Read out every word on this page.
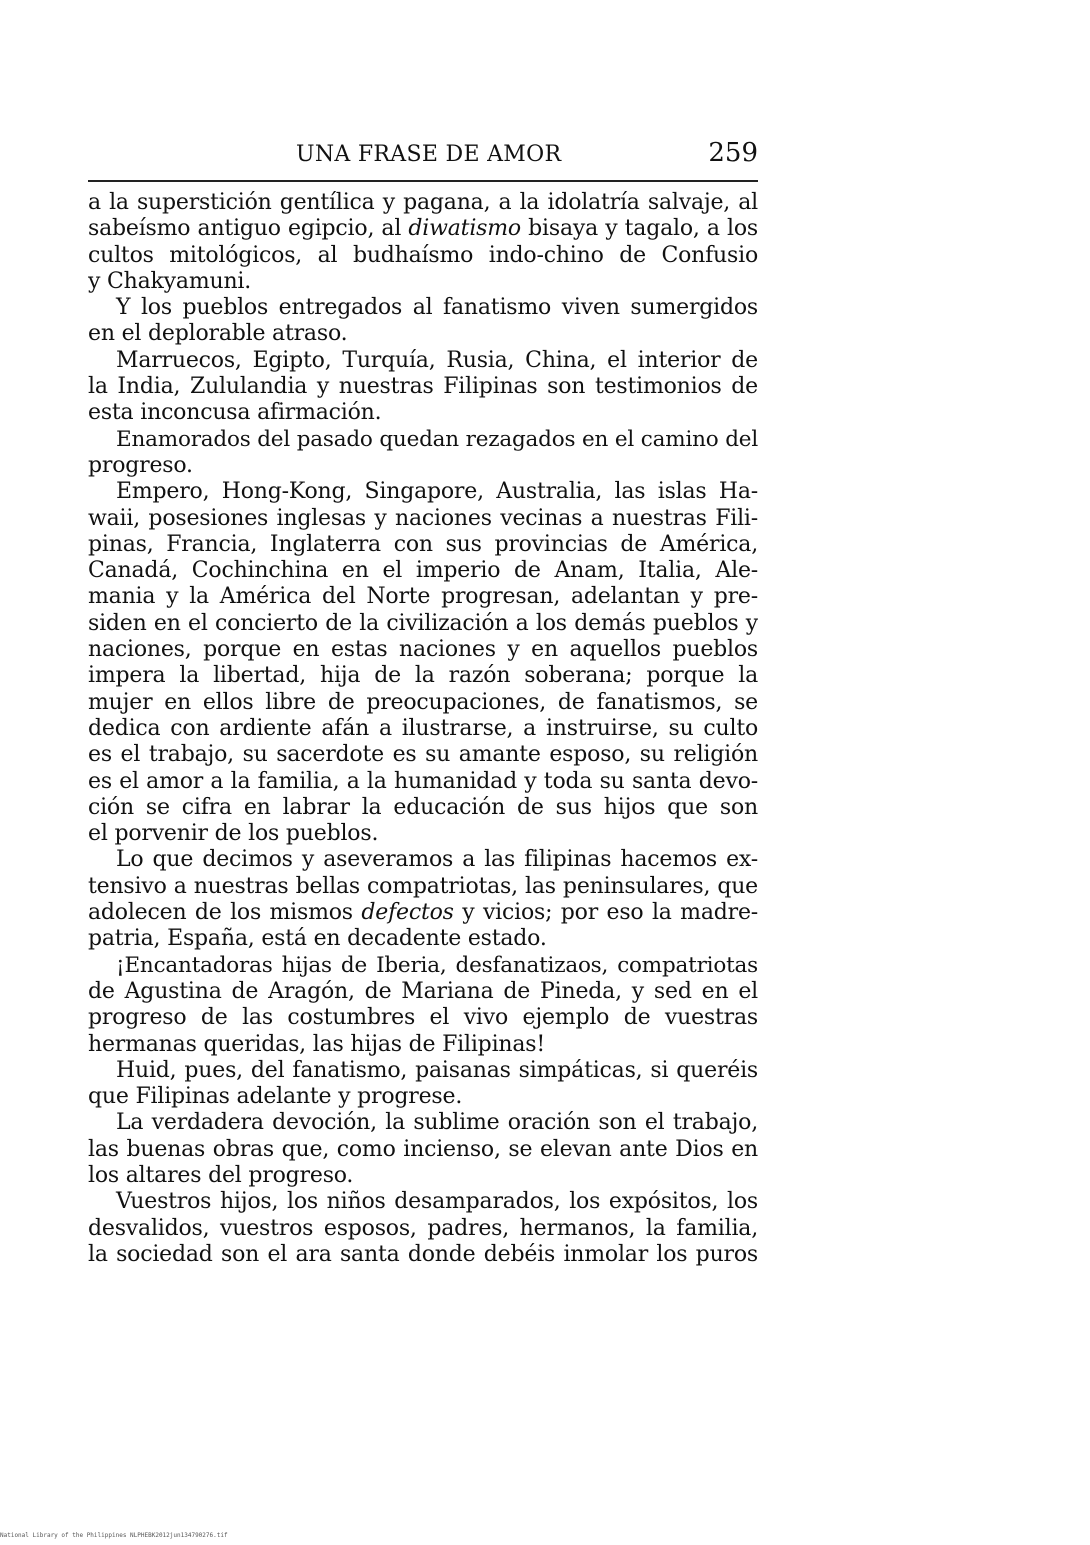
UNA FRASE DE AMOR	259
a la superstición gentílica y pagana, a la idolatría salvaje, al
sabeísmo antiguo egipcio, al diwatismo bisaya y tagalo, a los
cultos mitológicos, al budhaísmo indo-chino de Confusio
y Chakyamuni.
Y los pueblos entregados al fanatismo viven sumergidos
en el deplorable atraso.
Marruecos, Egipto, Turquía, Rusia, China, el interior de
la India, Zululandia y nuestras Filipinas son testimonios de
esta inconcusa afirmación.
Enamorados del pasado quedan rezagados en el camino del
progreso.
Empero, Hong-Kong, Singapore, Australia, las islas Ha-
waii, posesiones inglesas y naciones vecinas a nuestras Fili-
pinas, Francia, Inglaterra con sus provincias de América,
Canadá, Cochinchina en el imperio de Anam, Italia, Ale-
mania y la América del Norte progresan, adelantan y pre-
siden en el concierto de la civilización a los demás pueblos y
naciones, porque en estas naciones y en aquellos pueblos
impera la libertad, hija de la razón soberana; porque la
mujer en ellos libre de preocupaciones, de fanatismos, se
dedica con ardiente afán a ilustrarse, a instruirse, su culto
es el trabajo, su sacerdote es su amante esposo, su religión
es el amor a la familia, a la humanidad y toda su santa devo-
ción se cifra en labrar la educación de sus hijos que son
el porvenir de los pueblos.
Lo que decimos y aseveramos a las filipinas hacemos ex-
tensivo a nuestras bellas compatriotas, las peninsulares, que
adolecen de los mismos defectos y vicios; por eso la madre-
patria, España, está en decadente estado.
¡Encantadoras hijas de Iberia, desfanatizaos, compatriotas
de Agustina de Aragón, de Mariana de Pineda, y sed en el
progreso de las costumbres el vivo ejemplo de vuestras
hermanas queridas, las hijas de Filipinas!
Huid, pues, del fanatismo, paisanas simpáticas, si queréis
que Filipinas adelante y progrese.
La verdadera devoción, la sublime oración son el trabajo,
las buenas obras que, como incienso, se elevan ante Dios en
los altares del progreso.
Vuestros hijos, los niños desamparados, los expósitos, los
desvalidos, vuestros esposos, padres, hermanos, la familia,
la sociedad son el ara santa donde debéis inmolar los puros
National Library of the Philippines NLPHEBK2012jun134790276.tif
